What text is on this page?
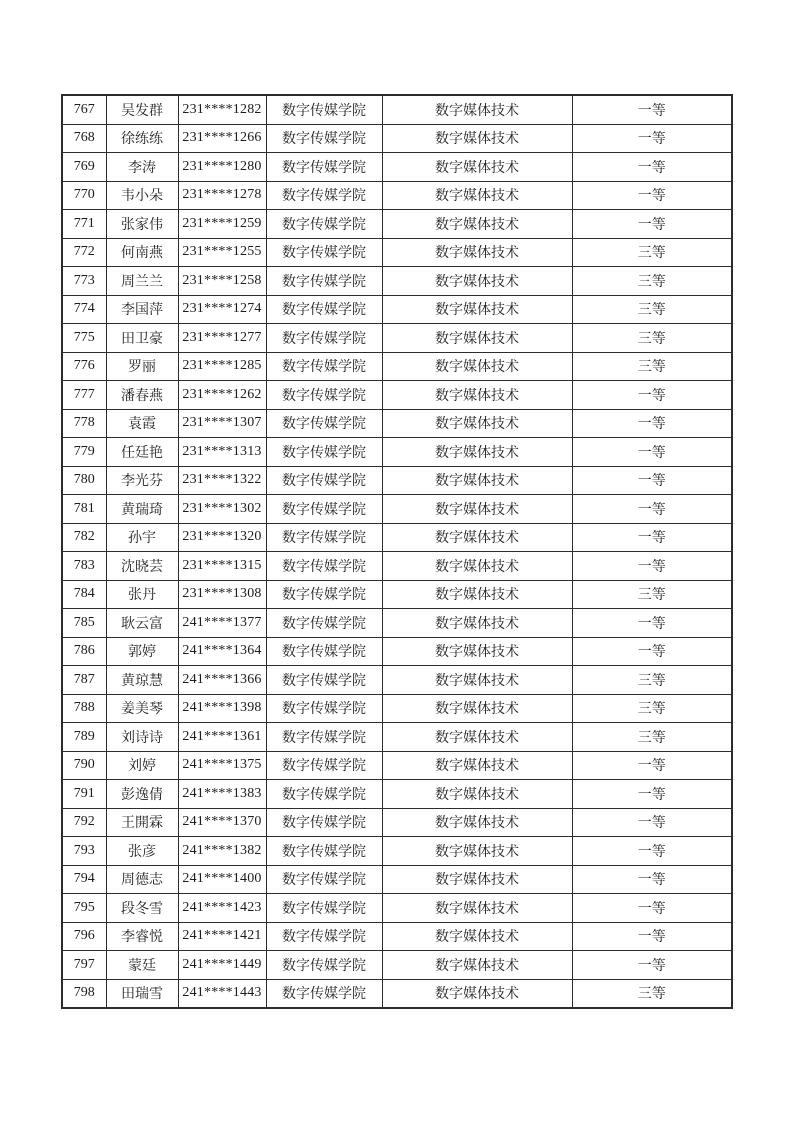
767	吴发群	231****1282	数字传媒学院	数字媒体技术	一等
768	徐练练	231****1266	数字传媒学院	数字媒体技术	一等
769	李涛	231****1280	数字传媒学院	数字媒体技术	一等
770	韦小朵	231****1278	数字传媒学院	数字媒体技术	一等
771	张家伟	231****1259	数字传媒学院	数字媒体技术	一等
772	何南燕	231****1255	数字传媒学院	数字媒体技术	三等
773	周兰兰	231****1258	数字传媒学院	数字媒体技术	三等
774	李国萍	231****1274	数字传媒学院	数字媒体技术	三等
775	田卫豪	231****1277	数字传媒学院	数字媒体技术	三等
776	罗丽	231****1285	数字传媒学院	数字媒体技术	三等
777	潘春燕	231****1262	数字传媒学院	数字媒体技术	一等
778	袁霞	231****1307	数字传媒学院	数字媒体技术	一等
779	任廷艳	231****1313	数字传媒学院	数字媒体技术	一等
780	李光芬	231****1322	数字传媒学院	数字媒体技术	一等
781	黄瑞琦	231****1302	数字传媒学院	数字媒体技术	一等
782	孙宇	231****1320	数字传媒学院	数字媒体技术	一等
783	沈晓芸	231****1315	数字传媒学院	数字媒体技术	一等
784	张丹	231****1308	数字传媒学院	数字媒体技术	三等
785	耿云富	241****1377	数字传媒学院	数字媒体技术	一等
786	郭婷	241****1364	数字传媒学院	数字媒体技术	一等
787	黄琼慧	241****1366	数字传媒学院	数字媒体技术	三等
788	姜美琴	241****1398	数字传媒学院	数字媒体技术	三等
789	刘诗诗	241****1361	数字传媒学院	数字媒体技术	三等
790	刘婷	241****1375	数字传媒学院	数字媒体技术	一等
791	彭逸倩	241****1383	数字传媒学院	数字媒体技术	一等
792	王開霖	241****1370	数字传媒学院	数字媒体技术	一等
793	张彦	241****1382	数字传媒学院	数字媒体技术	一等
794	周德志	241****1400	数字传媒学院	数字媒体技术	一等
795	段冬雪	241****1423	数字传媒学院	数字媒体技术	一等
796	李睿悦	241****1421	数字传媒学院	数字媒体技术	一等
797	蒙廷	241****1449	数字传媒学院	数字媒体技术	一等
798	田瑞雪	241****1443	数字传媒学院	数字媒体技术	三等
